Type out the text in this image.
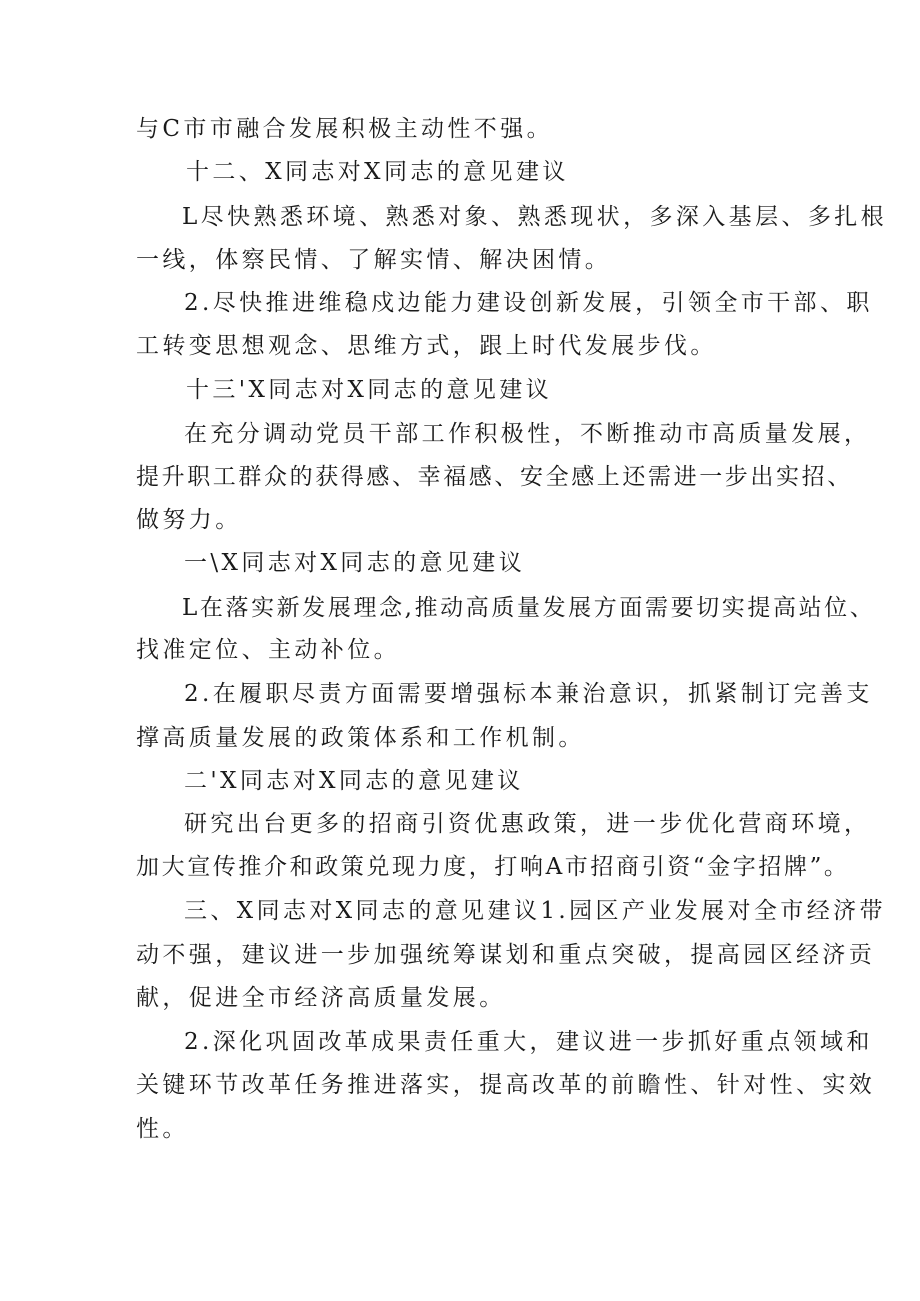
与C市市融合发展积极主动性不强。
十二、X同志对X同志的意见建议
L尽快熟悉环境、熟悉对象、熟悉现状，多深入基层、多扎根
一线，体察民情、了解实情、解决困情。
2.尽快推进维稳戍边能力建设创新发展，引领全市干部、职
工转变思想观念、思维方式，跟上时代发展步伐。
十三'X同志对X同志的意见建议
在充分调动党员干部工作积极性，不断推动市高质量发展，
提升职工群众的获得感、幸福感、安全感上还需进一步出实招、
做努力。
一\X同志对X同志的意见建议
L在落实新发展理念,推动高质量发展方面需要切实提高站位、
找准定位、主动补位。
2.在履职尽责方面需要增强标本兼治意识，抓紧制订完善支
撑高质量发展的政策体系和工作机制。
二'X同志对X同志的意见建议
研究出台更多的招商引资优惠政策，进一步优化营商环境，
加大宣传推介和政策兑现力度，打响A市招商引资“金字招牌”。
三、X同志对X同志的意见建议1.园区产业发展对全市经济带
动不强，建议进一步加强统筹谋划和重点突破，提高园区经济贡
献，促进全市经济高质量发展。
2.深化巩固改革成果责任重大，建议进一步抓好重点领域和
关键环节改革任务推进落实，提高改革的前瞻性、针对性、实效
性。
